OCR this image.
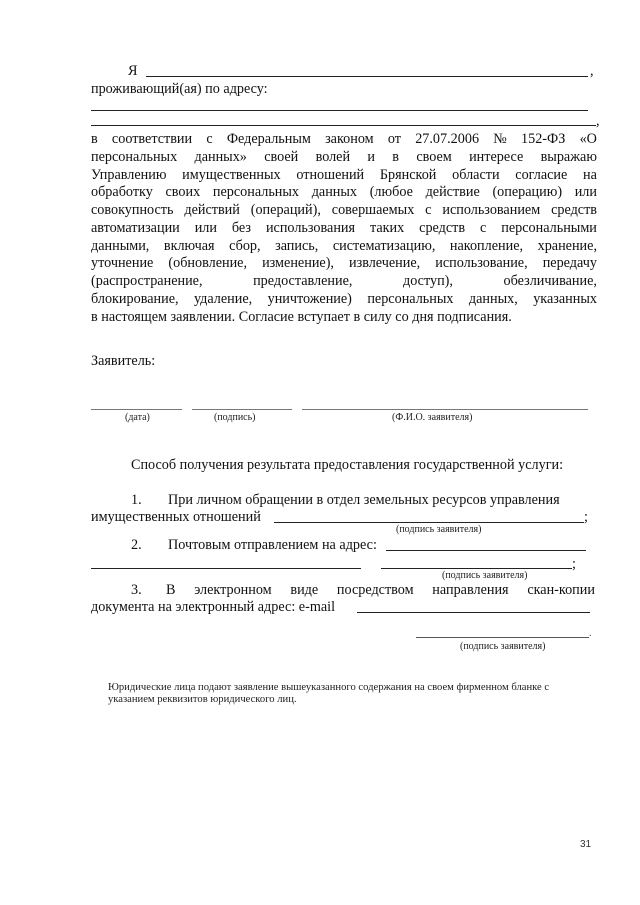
Я	,
проживающий(ая) по адресу:
,
в соответствии с Федеральным законом от 27.07.2006 № 152-ФЗ «О
персональных данных» своей волей и в своем интересе выражаю
Управлению имущественных отношений Брянской области согласие на
обработку своих персональных данных (любое действие (операцию) или
совокупность действий (операций), совершаемых с использованием средств
автоматизации или без использования таких средств с персональными
данными, включая сбор, запись, систематизацию, накопление, хранение,
уточнение (обновление, изменение), извлечение, использование, передачу
(распространение,	предоставление,	доступ),	обезличивание,
блокирование, удаление, уничтожение) персональных данных, указанных
в настоящем заявлении. Согласие вступает в силу со дня подписания.
Заявитель:
(дата)	(подпись)	(Ф.И.О. заявителя)
Способ получения результата предоставления государственной услуги:
1. При личном обращении в отдел земельных ресурсов управления
имущественных отношений	;
(подпись заявителя)
2. Почтовым отправлением на адрес:
;
(подпись заявителя)
3. В электронном виде посредством направления скан-копии
документа на электронный адрес: e-mail
.
(подпись заявителя)
Юридические лица подают заявление вышеуказанного содержания на своем фирменном бланке с
указанием реквизитов юридического лиц.
31
